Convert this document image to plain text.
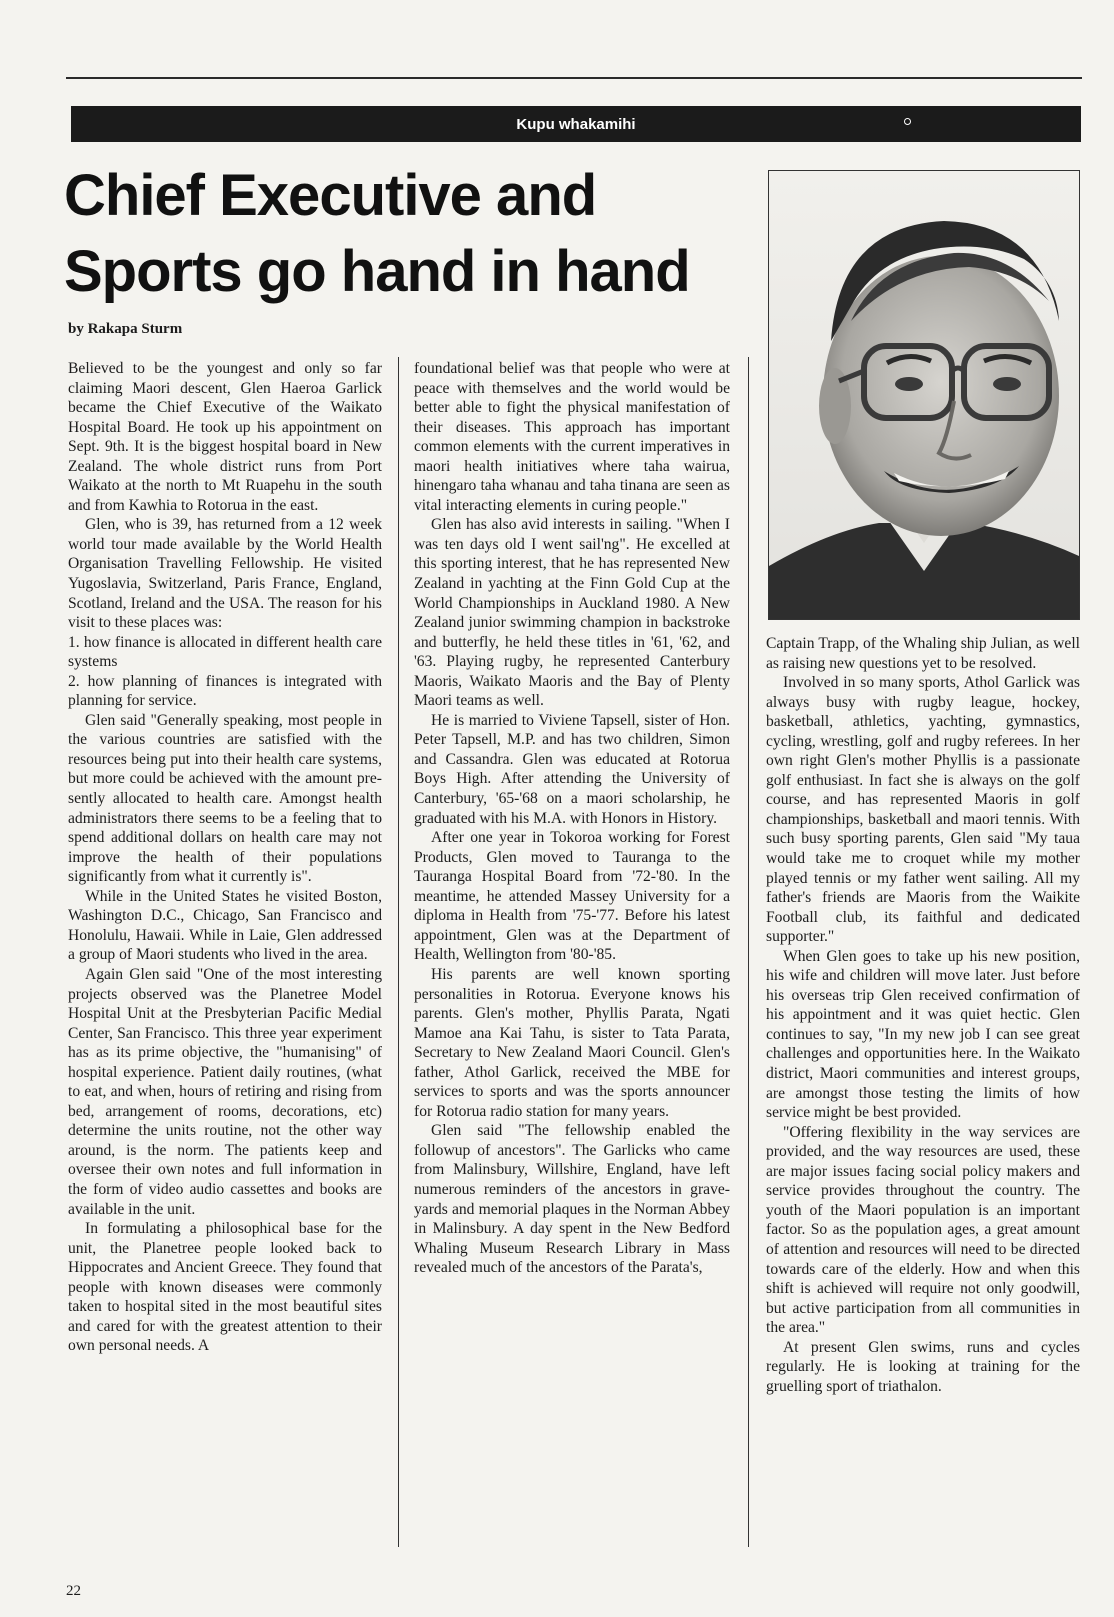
Kupu whakamihi
Chief Executive and Sports go hand in hand
by Rakapa Sturm

Believed to be the youngest and only so far claiming Maori descent, Glen Haeroa Garlick became the Chief Executive of the Waikato Hospital Board. He took up his appointment on Sept. 9th. It is the biggest hospital board in New Zealand. The whole district runs from Port Waikato at the north to Mt Ruapehu in the south and from Kawhia to Rotorua in the east.

Glen, who is 39, has returned from a 12 week world tour made available by the World Health Organisation Travelling Fellowship. He visited Yugoslavia, Switzerland, Paris France, England, Scotland, Ireland and the USA. The reason for his visit to these places was:

1. how finance is allocated in different health care systems

2. how planning of finances is integrated with planning for service.

Glen said "Generally speaking, most people in the various countries are satisfied with the resources being put into their health care systems, but more could be achieved with the amount presently allocated to health care. Amongst health administrators there seems to be a feeling that to spend additional dollars on health care may not improve the health of their populations significantly from what it currently is".

While in the United States he visited Boston, Washington D.C., Chicago, San Francisco and Honolulu, Hawaii. While in Laie, Glen addressed a group of Maori students who lived in the area.

Again Glen said "One of the most interesting projects observed was the Planetree Model Hospital Unit at the Presbyterian Pacific Medial Center, San Francisco. This three year experiment has as its prime objective, the "humanising" of hospital experience. Patient daily routines, (what to eat, and when, hours of retiring and rising from bed, arrangement of rooms, decorations, etc) determine the units routine, not the other way around, is the norm. The patients keep and oversee their own notes and full information in the form of video audio cassettes and books are available in the unit.

In formulating a philosophical base for the unit, the Planetree people looked back to Hippocrates and Ancient Greece. They found that people with known diseases were commonly taken to hospital sited in the most beautiful sites and cared for with the greatest attention to their own personal needs. A

foundational belief was that people who were at peace with themselves and the world would be better able to fight the physical manifestation of their diseases. This approach has important common elements with the current imperatives in maori health initiatives where taha wairua, hinengaro taha whanau and taha tinana are seen as vital interacting elements in curing people."

Glen has also avid interests in sailing. "When I was ten days old I went sail'ng". He excelled at this sporting interest, that he has represented New Zealand in yachting at the Finn Gold Cup at the World Championships in Auckland 1980. A New Zealand junior swimming champion in backstroke and butterfly, he held these titles in '61, '62, and '63. Playing rugby, he represented Canterbury Maoris, Waikato Maoris and the Bay of Plenty Maori teams as well.

He is married to Viviene Tapsell, sister of Hon. Peter Tapsell, M.P. and has two children, Simon and Cassandra. Glen was educated at Rotorua Boys High. After attending the University of Canterbury, '65-'68 on a maori scholarship, he graduated with his M.A. with Honors in History.

After one year in Tokoroa working for Forest Products, Glen moved to Tauranga to the Tauranga Hospital Board from '72-'80. In the meantime, he attended Massey University for a diploma in Health from '75-'77. Before his latest appointment, Glen was at the Department of Health, Wellington from '80-'85.

His parents are well known sporting personalities in Rotorua. Everyone knows his parents. Glen's mother, Phyllis Parata, Ngati Mamoe ana Kai Tahu, is sister to Tata Parata, Secretary to New Zealand Maori Council. Glen's father, Athol Garlick, received the MBE for services to sports and was the sports announcer for Rotorua radio station for many years.

Glen said "The fellowship enabled the followup of ancestors". The Garlicks who came from Malinsbury, Willshire, England, have left numerous reminders of the ancestors in graveyards and memorial plaques in the Norman Abbey in Malinsbury. A day spent in the New Bedford Whaling Museum Research Library in Mass revealed much of the ancestors of the Parata's,

Captain Trapp, of the Whaling ship Julian, as well as raising new questions yet to be resolved.

Involved in so many sports, Athol Garlick was always busy with rugby league, hockey, basketball, athletics, yachting, gymnastics, cycling, wrestling, golf and rugby referees. In her own right Glen's mother Phyllis is a passionate golf enthusiast. In fact she is always on the golf course, and has represented Maoris in golf championships, basketball and maori tennis. With such busy sporting parents, Glen said "My taua would take me to croquet while my mother played tennis or my father went sailing. All my father's friends are Maoris from the Waikite Football club, its faithful and dedicated supporter."

When Glen goes to take up his new position, his wife and children will move later. Just before his overseas trip Glen received confirmation of his appointment and it was quiet hectic. Glen continues to say, "In my new job I can see great challenges and opportunities here. In the Waikato district, Maori communities and interest groups, are amongst those testing the limits of how service might be best provided.

"Offering flexibility in the way services are provided, and the way resources are used, these are major issues facing social policy makers and service provides throughout the country. The youth of the Maori population is an important factor. So as the population ages, a great amount of attention and resources will need to be directed towards care of the elderly. How and when this shift is achieved will require not only goodwill, but active participation from all communities in the area."

At present Glen swims, runs and cycles regularly. He is looking at training for the gruelling sport of triathalon.

22
